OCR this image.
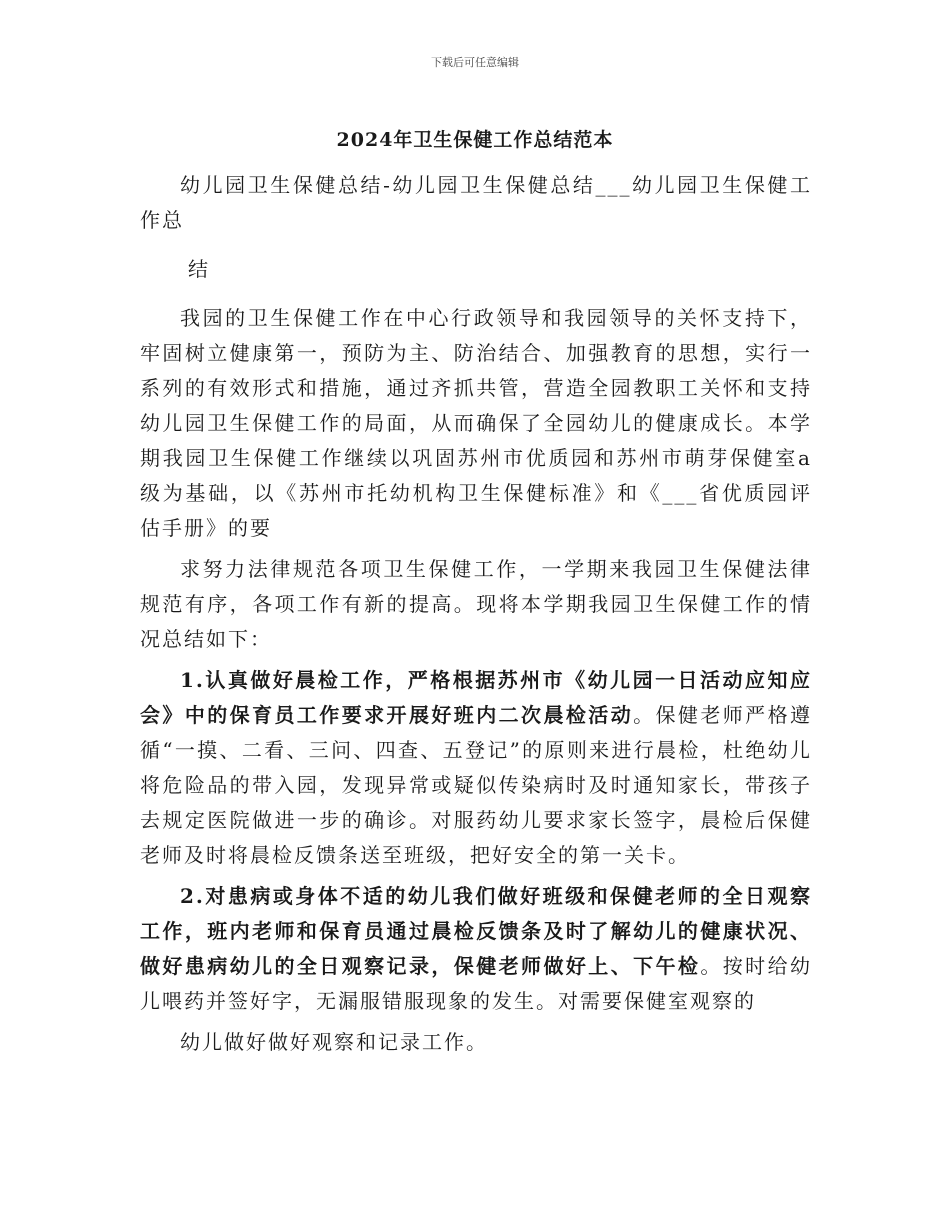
下载后可任意编辑
2024年卫生保健工作总结范本

幼儿园卫生保健总结-幼儿园卫生保健总结___幼儿园卫生保健工作总

结

我园的卫生保健工作在中心行政领导和我园领导的关怀支持下，牢固树立健康第一，预防为主、防治结合、加强教育的思想，实行一系列的有效形式和措施，通过齐抓共管，营造全园教职工关怀和支持幼儿园卫生保健工作的局面，从而确保了全园幼儿的健康成长。本学期我园卫生保健工作继续以巩固苏州市优质园和苏州市萌芽保健室a级为基础，以《苏州市托幼机构卫生保健标准》和《___省优质园评估手册》的要

求努力法律规范各项卫生保健工作，一学期来我园卫生保健法律规范有序，各项工作有新的提高。现将本学期我园卫生保健工作的情况总结如下：

1.认真做好晨检工作，严格根据苏州市《幼儿园一日活动应知应会》中的保育员工作要求开展好班内二次晨检活动。保健老师严格遵循“一摸、二看、三问、四查、五登记”的原则来进行晨检，杜绝幼儿将危险品的带入园，发现异常或疑似传染病时及时通知家长，带孩子去规定医院做进一步的确诊。对服药幼儿要求家长签字，晨检后保健老师及时将晨检反馈条送至班级，把好安全的第一关卡。

2.对患病或身体不适的幼儿我们做好班级和保健老师的全日观察工作，班内老师和保育员通过晨检反馈条及时了解幼儿的健康状况、做好患病幼儿的全日观察记录，保健老师做好上、下午检。按时给幼儿喂药并签好字，无漏服错服现象的发生。对需要保健室观察的

幼儿做好做好观察和记录工作。
